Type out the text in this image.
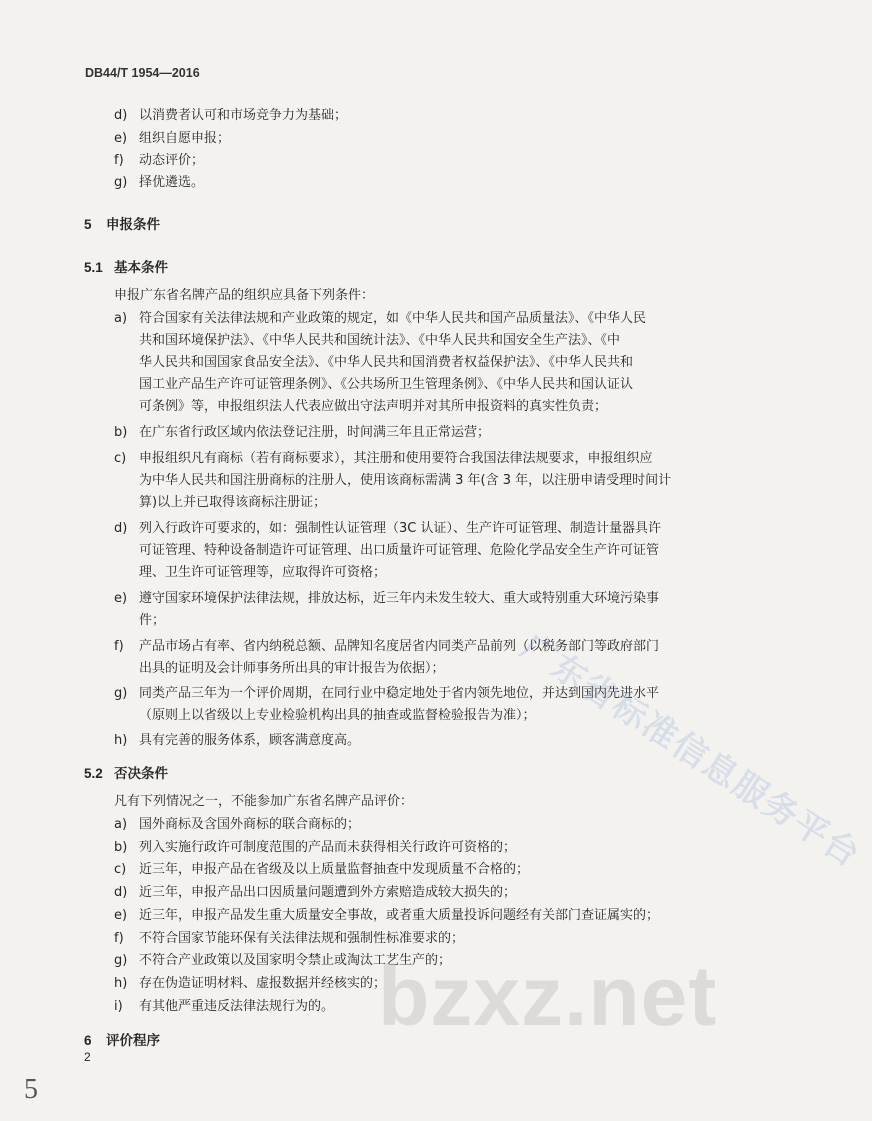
DB44/T 1954—2016
d) 以消费者认可和市场竞争力为基础；
e) 组织自愿申报；
f) 动态评价；
g) 择优遴选。
5 申报条件
5.1 基本条件
申报广东省名牌产品的组织应具备下列条件：
a) 符合国家有关法律法规和产业政策的规定，如《中华人民共和国产品质量法》、《中华人民
共和国环境保护法》、《中华人民共和国统计法》、《中华人民共和国安全生产法》、《中
华人民共和国国家食品安全法》、《中华人民共和国消费者权益保护法》、《中华人民共和
国工业产品生产许可证管理条例》、《公共场所卫生管理条例》、《中华人民共和国认证认
可条例》等，申报组织法人代表应做出守法声明并对其所申报资料的真实性负责；
b) 在广东省行政区域内依法登记注册，时间满三年且正常运营；
c) 申报组织凡有商标（若有商标要求），其注册和使用要符合我国法律法规要求，申报组织应
为中华人民共和国注册商标的注册人，使用该商标需满 3 年(含 3 年，以注册申请受理时间计
算)以上并已取得该商标注册证；
d) 列入行政许可要求的，如：强制性认证管理（3C 认证）、生产许可证管理、制造计量器具许
可证管理、特种设备制造许可证管理、出口质量许可证管理、危险化学品安全生产许可证管
理、卫生许可证管理等，应取得许可资格；
e) 遵守国家环境保护法律法规，排放达标，近三年内未发生较大、重大或特别重大环境污染事
件；
f) 产品市场占有率、省内纳税总额、品牌知名度居省内同类产品前列（以税务部门等政府部门
出具的证明及会计师事务所出具的审计报告为依据）；
g) 同类产品三年为一个评价周期，在同行业中稳定地处于省内领先地位，并达到国内先进水平
（原则上以省级以上专业检验机构出具的抽查或监督检验报告为准）；
h) 具有完善的服务体系，顾客满意度高。
5.2 否决条件
凡有下列情况之一，不能参加广东省名牌产品评价：
a) 国外商标及含国外商标的联合商标的；
b) 列入实施行政许可制度范围的产品而未获得相关行政许可资格的；
c) 近三年，申报产品在省级及以上质量监督抽查中发现质量不合格的；
d) 近三年，申报产品出口因质量问题遭到外方索赔造成较大损失的；
e) 近三年，申报产品发生重大质量安全事故，或者重大质量投诉问题经有关部门查证属实的；
f) 不符合国家节能环保有关法律法规和强制性标准要求的；
g) 不符合产业政策以及国家明令禁止或淘汰工艺生产的；
h) 存在伪造证明材料、虚报数据并经核实的；
i) 有其他严重违反法律法规行为的。
6 评价程序
2
5
广东省标准信息服务平台
bzxz.net
